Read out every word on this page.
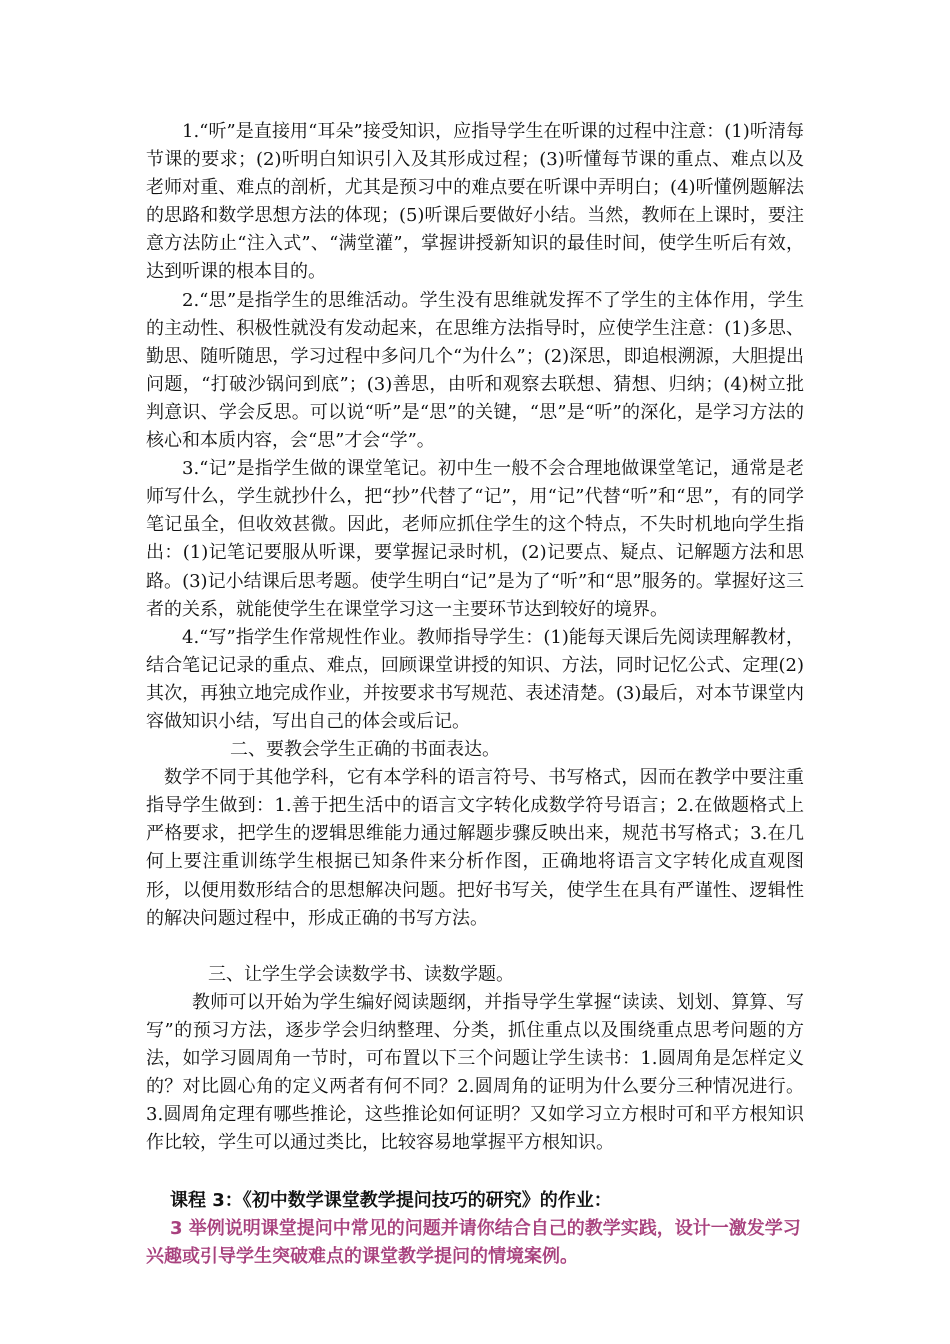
1.“听”是直接用“耳朵”接受知识，应指导学生在听课的过程中注意：(1)听清每节课的要求；(2)听明白知识引入及其形成过程；(3)听懂每节课的重点、难点以及老师对重、难点的剖析，尤其是预习中的难点要在听课中弄明白；(4)听懂例题解法的思路和数学思想方法的体现；(5)听课后要做好小结。当然，教师在上课时，要注意方法防止“注入式”、“满堂灌”，掌握讲授新知识的最佳时间，使学生听后有效，达到听课的根本目的。

2.“思”是指学生的思维活动。学生没有思维就发挥不了学生的主体作用，学生的主动性、积极性就没有发动起来，在思维方法指导时，应使学生注意：(1)多思、勤思、随听随思，学习过程中多问几个“为什么”；(2)深思，即追根溯源，大胆提出问题，“打破沙锅问到底”；(3)善思，由听和观察去联想、猜想、归纳；(4)树立批判意识、学会反思。可以说“听”是“思”的关键，“思”是“听”的深化，是学习方法的核心和本质内容，会“思”才会“学”。

3.“记”是指学生做的课堂笔记。初中生一般不会合理地做课堂笔记，通常是老师写什么，学生就抄什么，把“抄”代替了“记”，用“记”代替“听”和“思”，有的同学笔记虽全，但收效甚微。因此，老师应抓住学生的这个特点，不失时机地向学生指出：(1)记笔记要服从听课，要掌握记录时机，(2)记要点、疑点、记解题方法和思路。(3)记小结课后思考题。使学生明白“记”是为了“听”和“思”服务的。掌握好这三者的关系，就能使学生在课堂学习这一主要环节达到较好的境界。

4.“写”指学生作常规性作业。教师指导学生：(1)能每天课后先阅读理解教材，结合笔记记录的重点、难点，回顾课堂讲授的知识、方法，同时记忆公式、定理(2)其次，再独立地完成作业，并按要求书写规范、表述清楚。(3)最后，对本节课堂内容做知识小结，写出自己的体会或后记。

二、要教会学生正确的书面表达。

数学不同于其他学科，它有本学科的语言符号、书写格式，因而在教学中要注重指导学生做到：1.善于把生活中的语言文字转化成数学符号语言；2.在做题格式上严格要求，把学生的逻辑思维能力通过解题步骤反映出来，规范书写格式；3.在几何上要注重训练学生根据已知条件来分析作图，正确地将语言文字转化成直观图形，以便用数形结合的思想解决问题。把好书写关，使学生在具有严谨性、逻辑性的解决问题过程中，形成正确的书写方法。

三、让学生学会读数学书、读数学题。

教师可以开始为学生编好阅读题纲，并指导学生掌握“读读、划划、算算、写写”的预习方法，逐步学会归纳整理、分类，抓住重点以及围绕重点思考问题的方法，如学习圆周角一节时，可布置以下三个问题让学生读书：1.圆周角是怎样定义的？对比圆心角的定义两者有何不同？2.圆周角的证明为什么要分三种情况进行。3.圆周角定理有哪些推论，这些推论如何证明？又如学习立方根时可和平方根知识作比较，学生可以通过类比，比较容易地掌握平方根知识。

课程 3：《初中数学课堂教学提问技巧的研究》的作业：

3 举例说明课堂提问中常见的问题并请你结合自己的教学实践，设计一激发学习兴趣或引导学生突破难点的课堂教学提问的情境案例。
